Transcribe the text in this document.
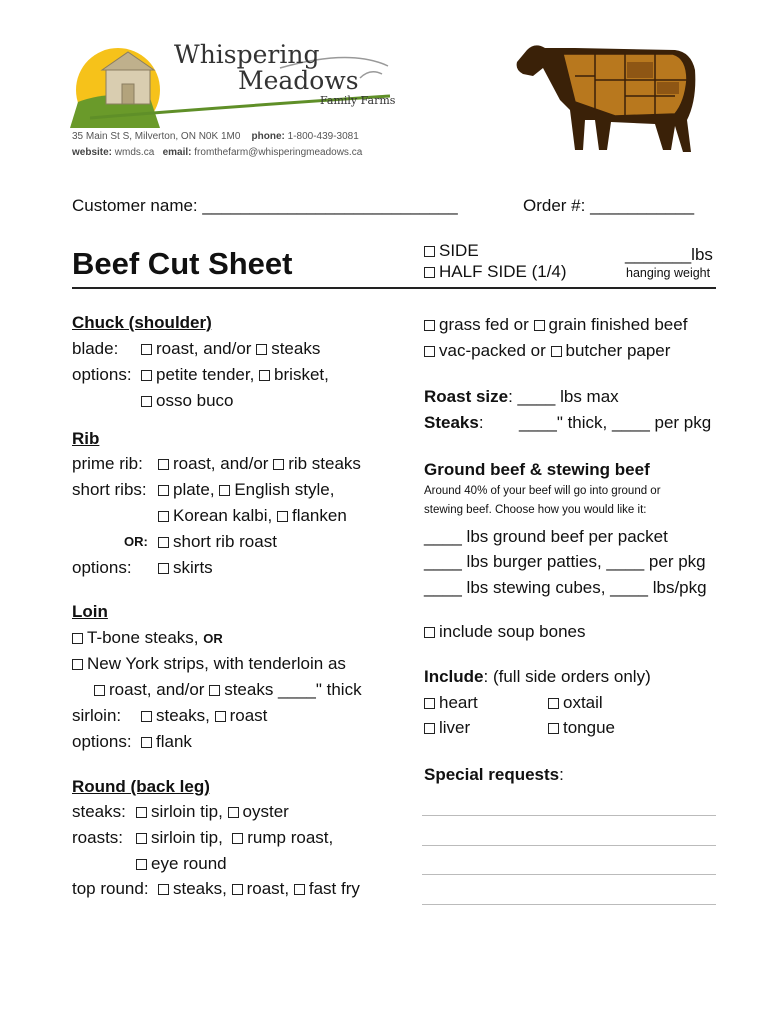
Whispering
Meadows
Family Farms
35 Main St S, Milverton, ON N0K 1M0 phone: 1-800-439-3081
website: wmds.ca email: fromthefarm@whisperingmeadows.ca
Customer name: ___________________________	Order #: ___________
Beef Cut Sheet	SIDE
HALF SIDE (1/4)
_______lbs
hanging weight
Chuck (shoulder)
blade:	roast, and/or steaks
options:	petite tender, brisket,
osso buco
Rib
prime rib:	roast, and/or rib steaks
short ribs:	plate, English style,
Korean kalbi, flanken
OR:	short rib roast
options:	skirts
Loin
T-bone steaks, OR
New York strips, with tenderloin as
roast, and/or steaks ____" thick
sirloin:	steaks, roast
options:	flank
Round (back leg)
steaks:	sirloin tip, oyster
roasts:	sirloin tip, rump roast,
eye round
top round:	steaks, roast, fast fry
grass fed or grain finished beef
vac-packed or butcher paper
Roast size: ____ lbs max
Steaks: ____" thick, ____ per pkg
Ground beef & stewing beef
Around 40% of your beef will go into ground or
stewing beef. Choose how you would like it:
____ lbs ground beef per packet
____ lbs burger patties, ____ per pkg
____ lbs stewing cubes, ____ lbs/pkg
include soup bones
Include: (full side orders only)
heart	oxtail
liver	tongue
Special requests:
